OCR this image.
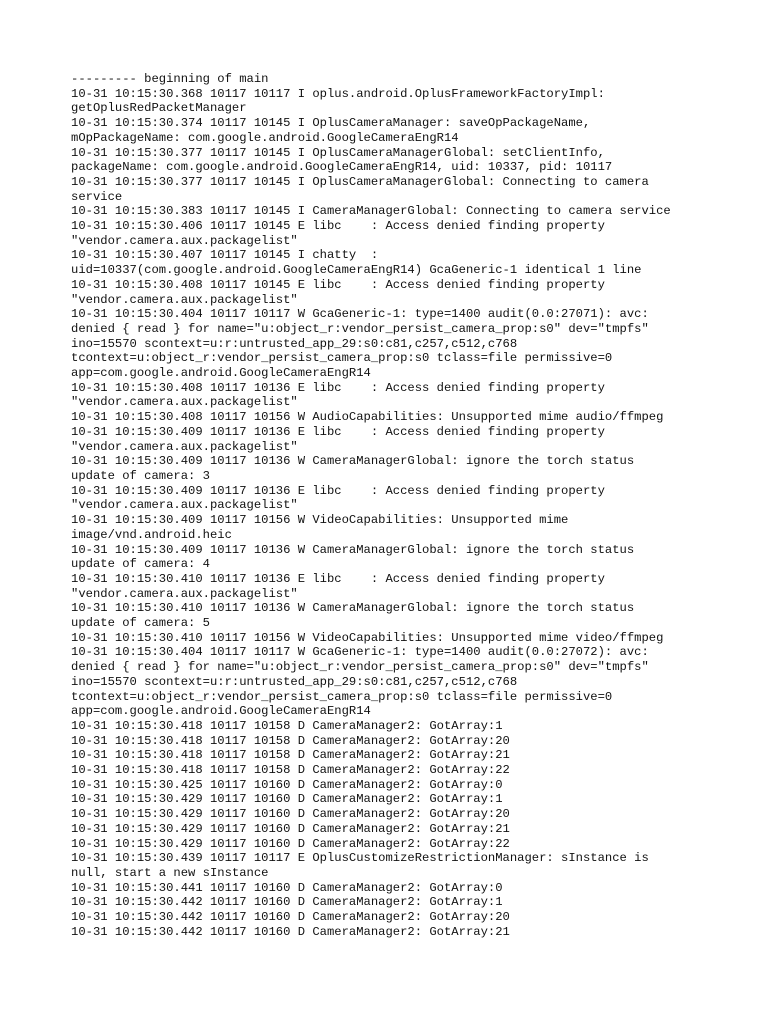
--------- beginning of main
10-31 10:15:30.368 10117 10117 I oplus.android.OplusFrameworkFactoryImpl:
getOplusRedPacketManager
10-31 10:15:30.374 10117 10145 I OplusCameraManager: saveOpPackageName,
mOpPackageName: com.google.android.GoogleCameraEngR14
10-31 10:15:30.377 10117 10145 I OplusCameraManagerGlobal: setClientInfo,
packageName: com.google.android.GoogleCameraEngR14, uid: 10337, pid: 10117
10-31 10:15:30.377 10117 10145 I OplusCameraManagerGlobal: Connecting to camera
service
10-31 10:15:30.383 10117 10145 I CameraManagerGlobal: Connecting to camera service
10-31 10:15:30.406 10117 10145 E libc    : Access denied finding property
"vendor.camera.aux.packagelist"
10-31 10:15:30.407 10117 10145 I chatty  :
uid=10337(com.google.android.GoogleCameraEngR14) GcaGeneric-1 identical 1 line
10-31 10:15:30.408 10117 10145 E libc    : Access denied finding property
"vendor.camera.aux.packagelist"
10-31 10:15:30.404 10117 10117 W GcaGeneric-1: type=1400 audit(0.0:27071): avc:
denied { read } for name="u:object_r:vendor_persist_camera_prop:s0" dev="tmpfs"
ino=15570 scontext=u:r:untrusted_app_29:s0:c81,c257,c512,c768
tcontext=u:object_r:vendor_persist_camera_prop:s0 tclass=file permissive=0
app=com.google.android.GoogleCameraEngR14
10-31 10:15:30.408 10117 10136 E libc    : Access denied finding property
"vendor.camera.aux.packagelist"
10-31 10:15:30.408 10117 10156 W AudioCapabilities: Unsupported mime audio/ffmpeg
10-31 10:15:30.409 10117 10136 E libc    : Access denied finding property
"vendor.camera.aux.packagelist"
10-31 10:15:30.409 10117 10136 W CameraManagerGlobal: ignore the torch status
update of camera: 3
10-31 10:15:30.409 10117 10136 E libc    : Access denied finding property
"vendor.camera.aux.packagelist"
10-31 10:15:30.409 10117 10156 W VideoCapabilities: Unsupported mime
image/vnd.android.heic
10-31 10:15:30.409 10117 10136 W CameraManagerGlobal: ignore the torch status
update of camera: 4
10-31 10:15:30.410 10117 10136 E libc    : Access denied finding property
"vendor.camera.aux.packagelist"
10-31 10:15:30.410 10117 10136 W CameraManagerGlobal: ignore the torch status
update of camera: 5
10-31 10:15:30.410 10117 10156 W VideoCapabilities: Unsupported mime video/ffmpeg
10-31 10:15:30.404 10117 10117 W GcaGeneric-1: type=1400 audit(0.0:27072): avc:
denied { read } for name="u:object_r:vendor_persist_camera_prop:s0" dev="tmpfs"
ino=15570 scontext=u:r:untrusted_app_29:s0:c81,c257,c512,c768
tcontext=u:object_r:vendor_persist_camera_prop:s0 tclass=file permissive=0
app=com.google.android.GoogleCameraEngR14
10-31 10:15:30.418 10117 10158 D CameraManager2: GotArray:1
10-31 10:15:30.418 10117 10158 D CameraManager2: GotArray:20
10-31 10:15:30.418 10117 10158 D CameraManager2: GotArray:21
10-31 10:15:30.418 10117 10158 D CameraManager2: GotArray:22
10-31 10:15:30.425 10117 10160 D CameraManager2: GotArray:0
10-31 10:15:30.429 10117 10160 D CameraManager2: GotArray:1
10-31 10:15:30.429 10117 10160 D CameraManager2: GotArray:20
10-31 10:15:30.429 10117 10160 D CameraManager2: GotArray:21
10-31 10:15:30.429 10117 10160 D CameraManager2: GotArray:22
10-31 10:15:30.439 10117 10117 E OplusCustomizeRestrictionManager: sInstance is
null, start a new sInstance
10-31 10:15:30.441 10117 10160 D CameraManager2: GotArray:0
10-31 10:15:30.442 10117 10160 D CameraManager2: GotArray:1
10-31 10:15:30.442 10117 10160 D CameraManager2: GotArray:20
10-31 10:15:30.442 10117 10160 D CameraManager2: GotArray:21
